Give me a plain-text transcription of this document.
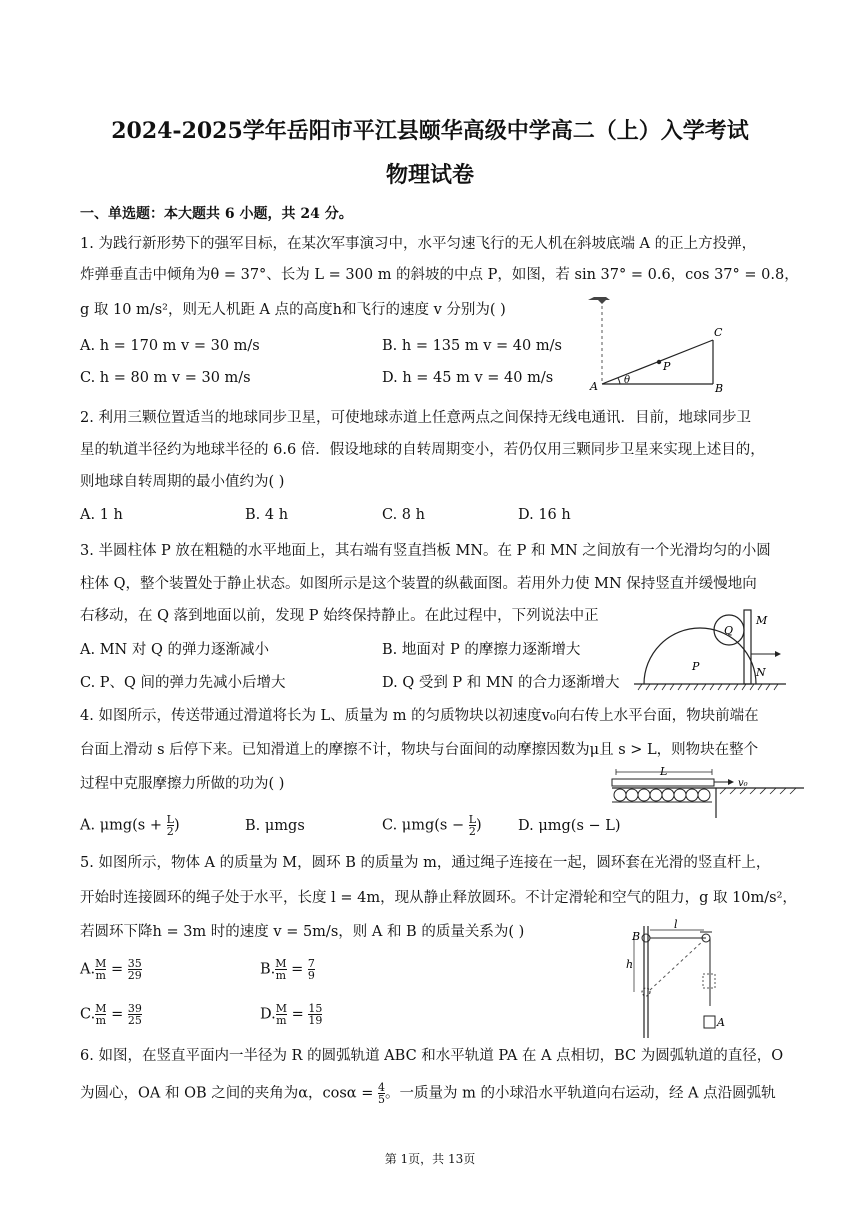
2024-2025学年岳阳市平江县颐华高级中学高二（上）入学考试
物理试卷
一、单选题：本大题共 6 小题，共 24 分。
1. 为践行新形势下的强军目标，在某次军事演习中，水平匀速飞行的无人机在斜坡底端 A 的正上方投弹，
炸弹垂直击中倾角为θ = 37°、长为 L = 300 m 的斜坡的中点 P，如图，若 sin 37° = 0.6，cos 37° = 0.8，
g 取 10 m/s²，则无人机距 A 点的高度h和飞行的速度 v 分别为( )
A. h = 170 m v = 30 m/s	B. h = 135 m v = 40 m/s
C. h = 80 m v = 30 m/s	D. h = 45 m v = 40 m/s
C
P
A	θ
B
2. 利用三颗位置适当的地球同步卫星，可使地球赤道上任意两点之间保持无线电通讯．目前，地球同步卫
星的轨道半径约为地球半径的 6.6 倍．假设地球的自转周期变小，若仍仅用三颗同步卫星来实现上述目的，
则地球自转周期的最小值约为( )
A. 1 h	B. 4 h	C. 8 h	D. 16 h
3. 半圆柱体 P 放在粗糙的水平地面上，其右端有竖直挡板 MN。在 P 和 MN 之间放有一个光滑均匀的小圆
柱体 Q，整个装置处于静止状态。如图所示是这个装置的纵截面图。若用外力使 MN 保持竖直并缓慢地向
右移动，在 Q 落到地面以前，发现 P 始终保持静止。在此过程中，下列说法中正
A. MN 对 Q 的弹力逐渐减小	B. 地面对 P 的摩擦力逐渐增大
C. P、Q 间的弹力先减小后增大	D. Q 受到 P 和 MN 的合力逐渐增大
Q
M
P	N
4. 如图所示，传送带通过滑道将长为 L、质量为 m 的匀质物块以初速度v₀向右传上水平台面，物块前端在
台面上滑动 s 后停下来。已知滑道上的摩擦不计，物块与台面间的动摩擦因数为μ且 s > L，则物块在整个
过程中克服摩擦力所做的功为( )
A. $\mu mg(s + \frac{L}{2}$ )	B. μmgs	C. $\mu mg(s - \frac{L}{2}$ )	D. μmg(s − L)
L
v₀
5. 如图所示，物体 A 的质量为 M，圆环 B 的质量为 m，通过绳子连接在一起，圆环套在光滑的竖直杆上，
开始时连接圆环的绳子处于水平，长度 l = 4m，现从静止释放圆环。不计定滑轮和空气的阻力，g 取 10m/s²，
若圆环下降h = 3m 时的速度 v = 5m/s，则 A 和 B 的质量关系为( )
A. $\frac{M}{m} = \frac{35}{29}$	B. $\frac{M}{m} = \frac{7}{9}$
C. $\frac{M}{m} = \frac{39}{25}$	D. $\frac{M}{m} = \frac{15}{19}$
l
h
B
A
6. 如图，在竖直平面内一半径为 R 的圆弧轨道 ABC 和水平轨道 PA 在 A 点相切，BC 为圆弧轨道的直径，O
为圆心，OA 和 OB 之间的夹角为α，$\cos\alpha = \frac{4}{5}$ 。一质量为 m 的小球沿水平轨道向右运动，经 A 点沿圆弧轨
第 1页，共 13页
